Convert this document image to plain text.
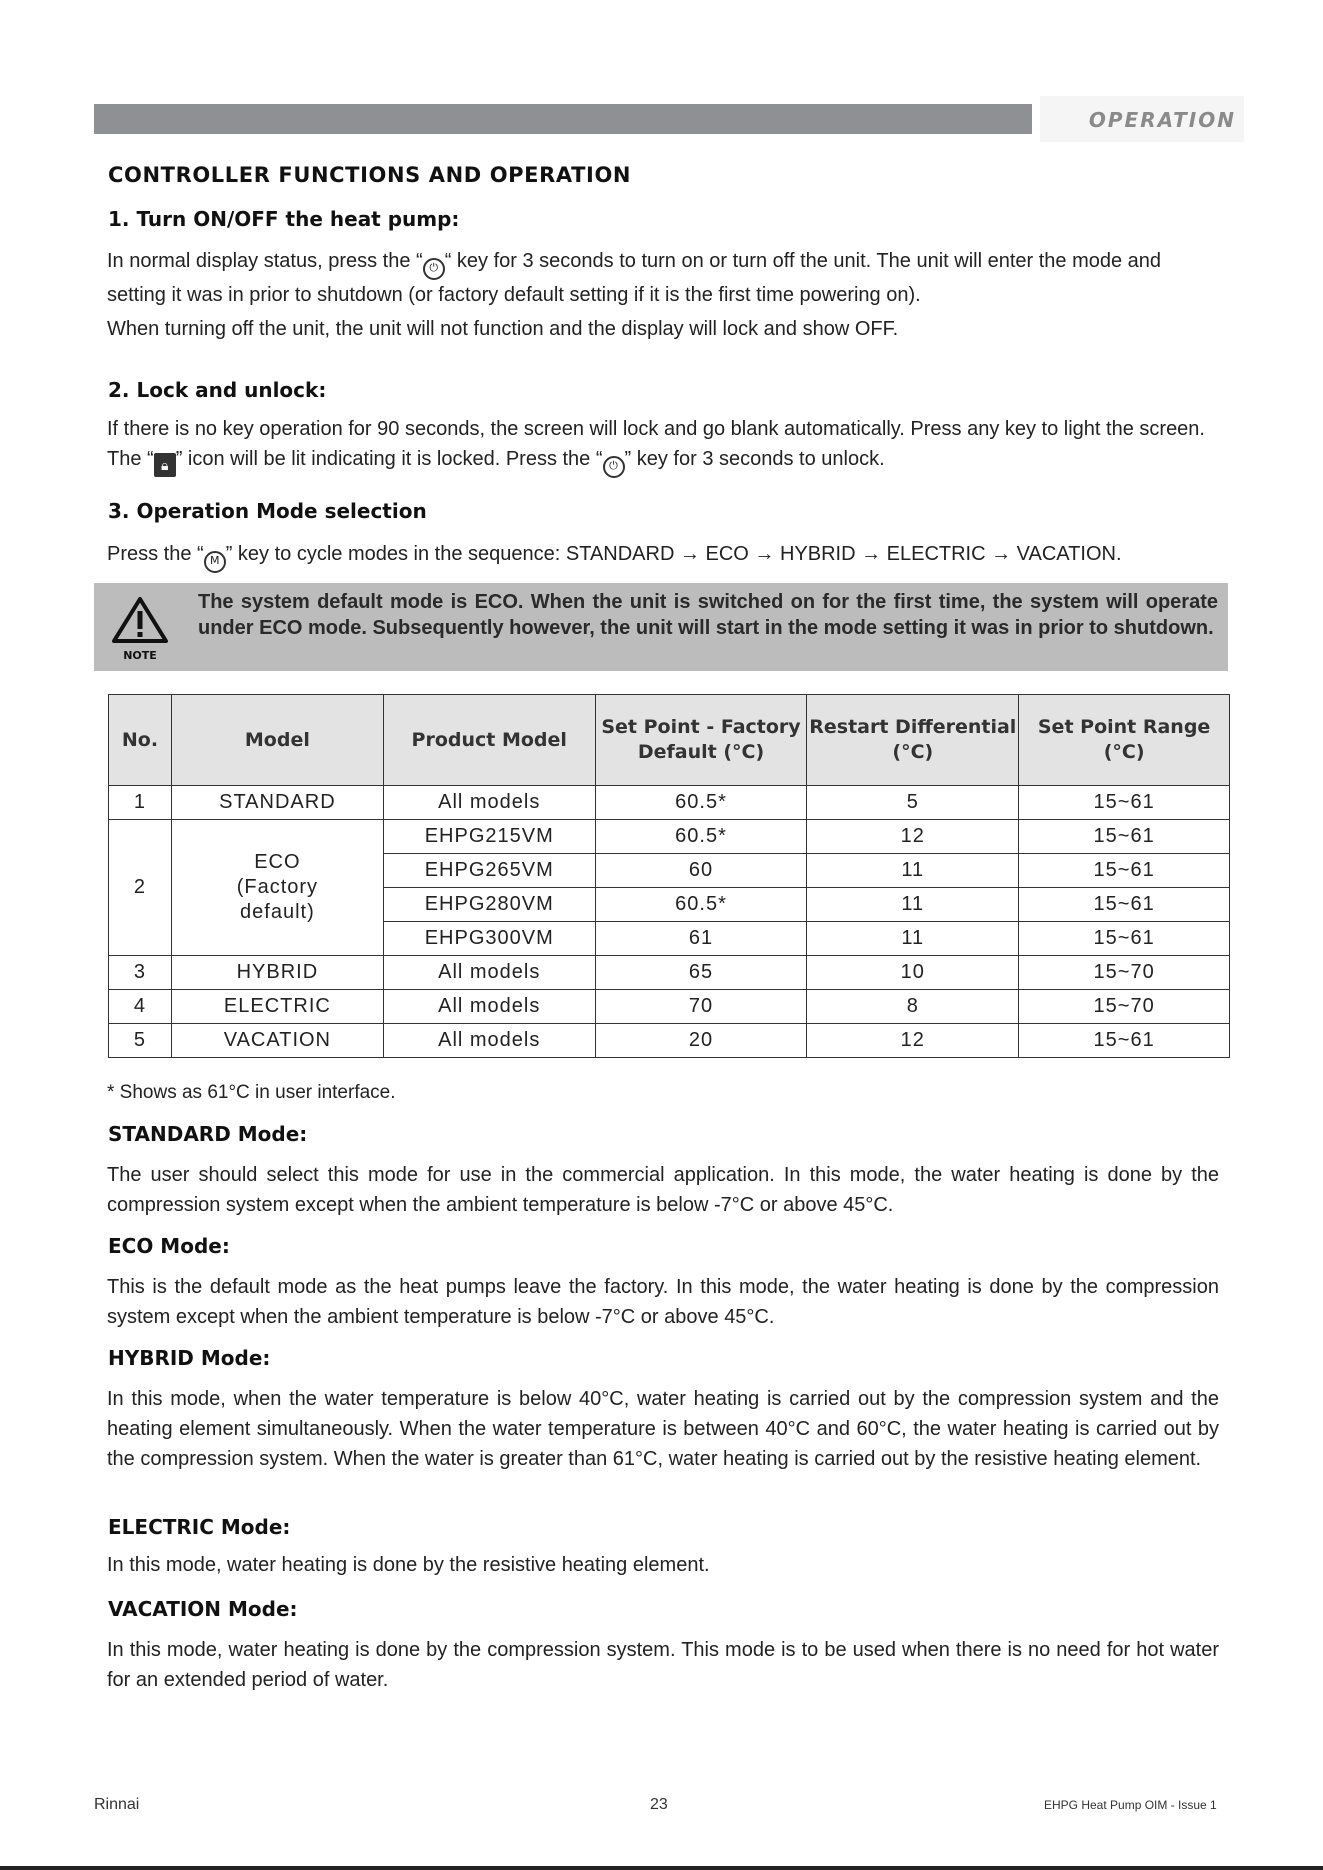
OPERATION
CONTROLLER FUNCTIONS AND OPERATION
1. Turn ON/OFF the heat pump:
In normal display status, press the “ ⏻ “ key for 3 seconds to turn on or turn off the unit. The unit will enter the mode and setting it was in prior to shutdown (or factory default setting if it is the first time powering on).
When turning off the unit, the unit will not function and the display will lock and show OFF.
2. Lock and unlock:
If there is no key operation for 90 seconds, the screen will lock and go blank automatically. Press any key to light the screen. The “ 🔒︎ ” icon will be lit indicating it is locked. Press the “ ⏻ ” key for 3 seconds to unlock.
3. Operation Mode selection
Press the “ M ” key to cycle modes in the sequence: STANDARD → ECO → HYBRID → ELECTRIC → VACATION.
NOTE
The system default mode is ECO. When the unit is switched on for the first time, the system will operate under ECO mode. Subsequently however, the unit will start in the mode setting it was in prior to shutdown.
No.	Model	Product Model	Set Point - Factory Default (°C)	Restart Differential (°C)	Set Point Range (°C)
1	STANDARD	All models	60.5*	5	15~61
2	ECO (Factory default)	EHPG215VM	60.5*	12	15~61
		EHPG265VM	60	11	15~61
		EHPG280VM	60.5*	11	15~61
		EHPG300VM	61	11	15~61
3	HYBRID	All models	65	10	15~70
4	ELECTRIC	All models	70	8	15~70
5	VACATION	All models	20	12	15~61
* Shows as 61°C in user interface.
STANDARD Mode:
The user should select this mode for use in the commercial application. In this mode, the water heating is done by the compression system except when the ambient temperature is below -7°C or above 45°C.
ECO Mode:
This is the default mode as the heat pumps leave the factory. In this mode, the water heating is done by the compression system except when the ambient temperature is below -7°C or above 45°C.
HYBRID Mode:
In this mode, when the water temperature is below 40°C, water heating is carried out by the compression system and the heating element simultaneously. When the water temperature is between 40°C and 60°C, the water heating is carried out by the compression system. When the water is greater than 61°C, water heating is carried out by the resistive heating element.
ELECTRIC Mode:
In this mode, water heating is done by the resistive heating element.
VACATION Mode:
In this mode, water heating is done by the compression system. This mode is to be used when there is no need for hot water for an extended period of water.
Rinnai	23	EHPG Heat Pump OIM - Issue 1
